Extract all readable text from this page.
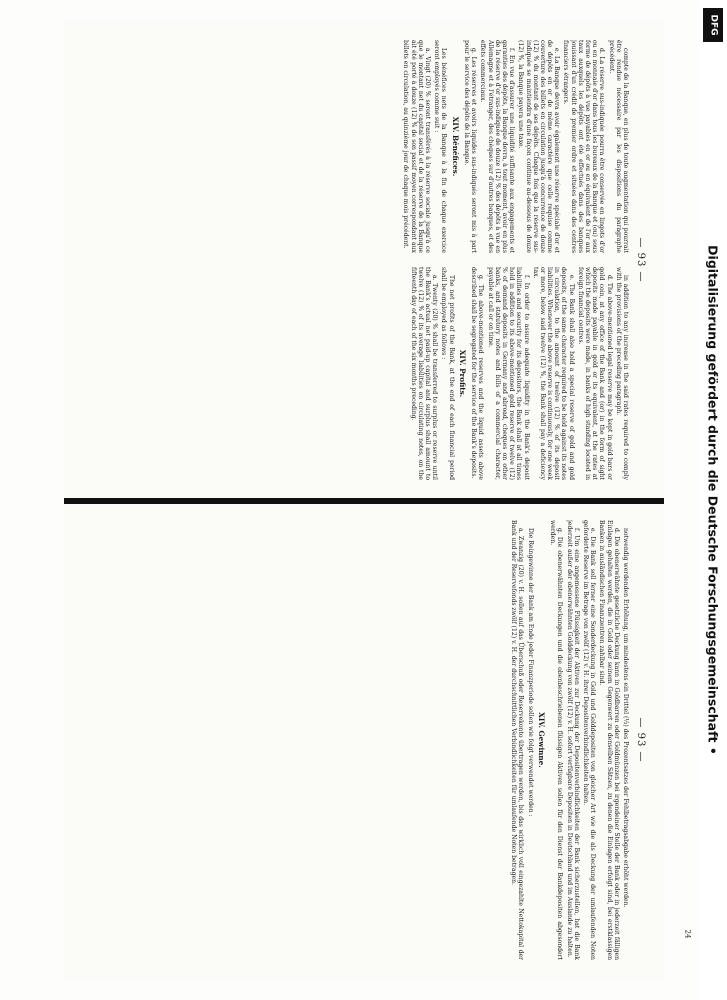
— 93 —

compte de la Banque, en plus de toute augmentation qui pourrait être rendue nécessaire par les dispositions du paragraphe précédent.

d. La réserve sus-indiquée pourra être conservée en lingots d'or ou en monnaie d'or dans tous les bureaux de la Banque et (ou) sous forme de dépôts à vue payables en or ou en équivalent de l'or aux taux auxquels les dépôts ont été effectués dans des banques jouissant d'un crédit de premier ordre et situées dans des centres financiers étrangers.

e. La Banque devra avoir également une réserve spéciale d'or et de dépôts en or de même caractère que celle requise comme couverture des billets en circulation jusqu'à concurrence de douze (12) % du montant de ses dépôts. Chaque fois que la réserve sus-indiquée se maintiendra d'une façon continue au-dessous de douze (12) %, la Banque payera une taxe.

f. En vue d'assurer une liquidité suffisante aux engagements et garanties des dépôts, la Banque devra, à tout moment, avoir en plus de la réserve d'or sus-indiquée de douze (12) % des dépôts à vue en Allemagne et à l'étranger, des chèques sur d'autres banques, et des effets commerciaux.

g. Les réserves et avoirs liquides sus-indiqués seront mis à part pour le service des dépôts de la Banque.

XIV. Bénéfices.

Les bénéfices nets de la Banque à la fin de chaque exercice seront employés comme suit :

a. Vingt (20) % seront transférés à la réserve sociale jusqu'à ce que le montant net du capital social et de la réserve de la Banque ait été porté à douze (12) % de son passif moyen correspondant aux billets en circulation, au quinzième jour de chaque mois précédent.

in addition to any increase in the said rates required to comply with the provisions of the preceding paragraph.

d. The above-mentioned legal reserve may be kept in gold bars or gold coin, at any office of the Bank and (or) in the form of sight deposits made payable in gold or its equivalent, at the rates at which the deposits were made, in banks of high standing located in foreign financial centres.

e. The Bank shall also hold a special reserve of gold and gold deposits, of the same character required to be held against its notes in circulation, to the amount of twelve (12) % of its deposit liabilities. Whenever the above reserve is continuously, for one week or more, below said twelve (12) %, the Bank shall pay a deficiency tax.

f. In order to assure adequate liquidity in the Bank's deposit liabilities and security for its depositors, the Bank shall at all times hold in addition to its above-mentioned gold reserve of twelve (12) % of demand deposits in Germany and abroad, cheques on other banks, and statutory notes and bills of a commercial character, payable at call or on time.

g. The above-mentioned reserves and the liquid assets above described shall be segregated for the service of the Bank's deposits.

XIV. Profits.

The net profits of the Bank, at the end of each financial period shall be employed as follows :

a. Twenty (20) % shall be transferred to surplus or reserve until the Bank's actual net paid-up capital and surplus shall amount to twelve (12) % of its average liabilities on circulating notes, on the fifteenth day of each of the six months preceding.

— 93 —

notwendig werdenden Erhöhung, um mindestens ein Drittel (⅓) des Prozentsatzes der Fehlbetragsabgabe erhöht werden.

d. Die obenerwähnte gesetzliche Deckung kann in Goldbarren oder Goldmünzen bei irgendeiner Stelle der Bank oder in jederzeit fälligen Einlagen gehalten werden, die in Gold oder seinem Gegenwert zu denselben Sätzen, zu denen die Einlagen erfolgt sind, bei erstklassigen Banken in ausländischen Finanzzentren zahlbar sind.

e. Die Bank soll ferner eine Sonderdeckung in Gold und Golddepositen von gleicher Art wie die als Deckung der umlaufenden Noten geforderte Reserve im Betrage von zwölf (12) v. H. ihrer Depositenverbindlichkeiten halten.

f. Um eine angemessene Flüssigkeit der Aktiven zur Deckung der Depositenverbindlichkeiten der Bank sicherzustellen, hat die Bank jederzeit außer der obenerwähnten Golddeckung von zwölf (12) v. H. sofort verfügbare Depositen in Deutschland und im Auslande zu halten.

g. Die obenerwähnten Deckungen und die obenbeschriebenen flüssigen Aktiven sollen für den Dienst der Bankdepositen abgesondert werden.

XIV. Gewinne.

Die Reingewinne der Bank am Ende jeder Finanzperiode sollen wie folgt verwendet werden :

a. Zwanzig (20) v. H. sollen auf das Überschuß oder Reservekonto übertragen werden, bis das wirklich voll eingezahlte Nettokapital der Bank und der Reservefonds zwölf (12) v. H. der durchschnittlichen Verbindlichkeiten für umlaufende Noten betragen.

24
DFG
Digitalisierung gefördert durch die Deutsche Forschungsgemeinschaft •
